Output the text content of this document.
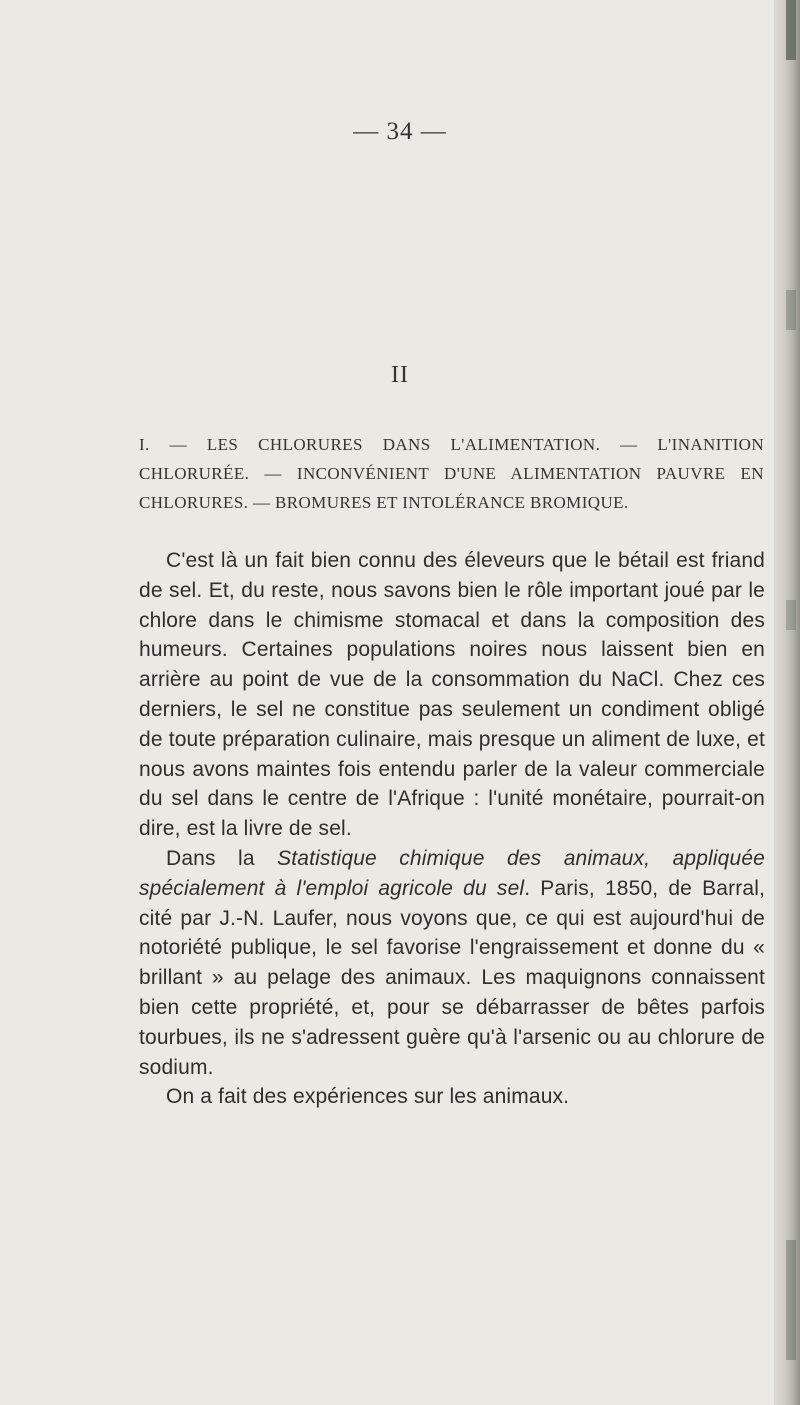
— 34 —
II

I. — LES CHLORURES DANS L'ALIMENTATION. — L'INANITION CHLORURÉE. — INCONVÉNIENT D'UNE ALIMENTATION PAUVRE EN CHLORURES. — BROMURES ET INTOLÉRANCE BROMIQUE.

C'est là un fait bien connu des éleveurs que le bétail est friand de sel. Et, du reste, nous savons bien le rôle important joué par le chlore dans le chimisme stomacal et dans la composition des humeurs. Certaines populations noires nous laissent bien en arrière au point de vue de la consommation du NaCl. Chez ces derniers, le sel ne constitue pas seulement un condiment obligé de toute préparation culinaire, mais presque un aliment de luxe, et nous avons maintes fois entendu parler de la valeur commerciale du sel dans le centre de l'Afrique : l'unité monétaire, pourrait-on dire, est la livre de sel.

Dans la Statistique chimique des animaux, appliquée spécialement à l'emploi agricole du sel. Paris, 1850, de Barral, cité par J.-N. Laufer, nous voyons que, ce qui est aujourd'hui de notoriété publique, le sel favorise l'engraissement et donne du « brillant » au pelage des animaux. Les maquignons connaissent bien cette propriété, et, pour se débarrasser de bêtes parfois tourbues, ils ne s'adressent guère qu'à l'arsenic ou au chlorure de sodium.

On a fait des expériences sur les animaux.
